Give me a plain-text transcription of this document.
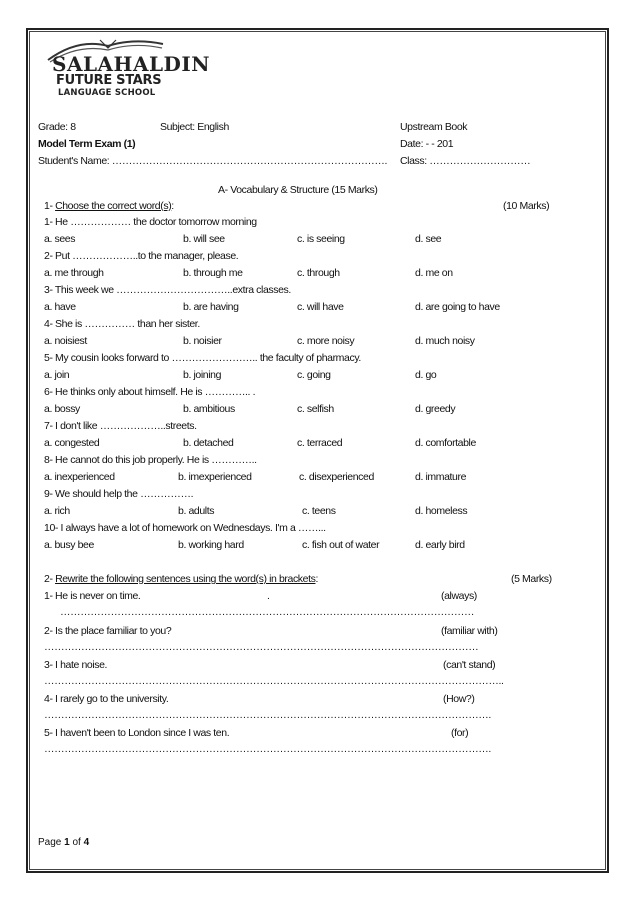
SALAHALDIN
FUTURE STARS
LANGUAGE SCHOOL
Grade: 8	Subject: English	Upstream Book
Model Term Exam (1)	Date: - - 201
Student's Name: ………………………………………………………………………. Class: …………………………
A- Vocabulary & Structure (15 Marks)
1- Choose the correct word(s):	(10 Marks)
1- He ……………… the doctor tomorrow morning
a. sees	b. will see	c. is seeing	d. see
2- Put ………………..to the manager, please.
a. me through	b. through me	c. through	d. me on
3- This week we ……………………………..extra classes.
a. have	b. are having	c. will have	d. are going to have
4- She is …………… than her sister.
a. noisiest	b. noisier	c. more noisy	d. much noisy
5- My cousin looks forward to …………………….. the faculty of pharmacy.
a. join	b. joining	c. going	d. go
6- He thinks only about himself. He is ………….. .
a. bossy	b. ambitious	c. selfish	d. greedy
7- I don't like ………………..streets.
a. congested	b. detached	c. terraced	d. comfortable
8- He cannot do this job properly. He is …………..
a. inexperienced	b. imexperienced	c. disexperienced	d. immature
9- We should help the …………….
a. rich	b. adults	c. teens	d. homeless
10- I always have a lot of homework on Wednesdays. I'm a ……...
a. busy bee	b. working hard	c. fish out of water	d. early bird
2- Rewrite the following sentences using the word(s) in brackets:	(5 Marks)
1- He is never on time.	.	(always)
……………………………………………………………………………………………………………
2- Is the place familiar to you?	(familiar with)
…………………………………………………………………………………………………………………
3- I hate noise.	(can't stand)
………………………………………………………………………………………………………………………..
4- I rarely go to the university.	(How?)
…………………………………………………………………………………………………………………….
5- I haven't been to London since I was ten.	(for)
…………………………………………………………………………………………………………………….
Page 1 of 4
